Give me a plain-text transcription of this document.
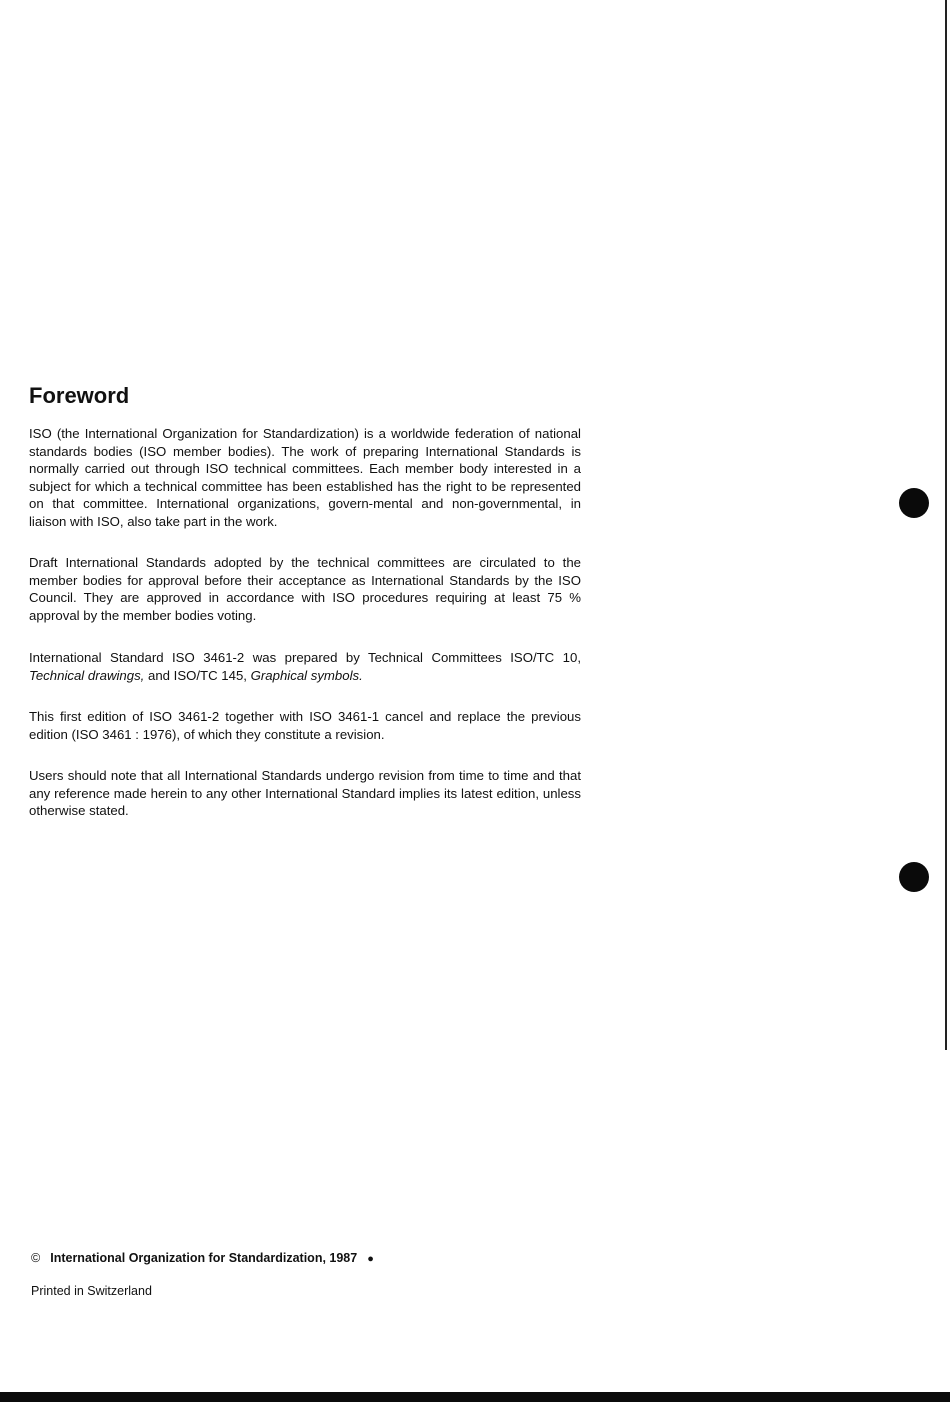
Foreword

ISO (the International Organization for Standardization) is a worldwide federation of national standards bodies (ISO member bodies). The work of preparing International Standards is normally carried out through ISO technical committees. Each member body interested in a subject for which a technical committee has been established has the right to be represented on that committee. International organizations, govern-mental and non-governmental, in liaison with ISO, also take part in the work.

Draft International Standards adopted by the technical committees are circulated to the member bodies for approval before their acceptance as International Standards by the ISO Council. They are approved in accordance with ISO procedures requiring at least 75 % approval by the member bodies voting.

International Standard ISO 3461-2 was prepared by Technical Committees ISO/TC 10, Technical drawings, and ISO/TC 145, Graphical symbols.

This first edition of ISO 3461-2 together with ISO 3461-1 cancel and replace the previous edition (ISO 3461 : 1976), of which they constitute a revision.

Users should note that all International Standards undergo revision from time to time and that any reference made herein to any other International Standard implies its latest edition, unless otherwise stated.

© International Organization for Standardization, 1987 ●

Printed in Switzerland
